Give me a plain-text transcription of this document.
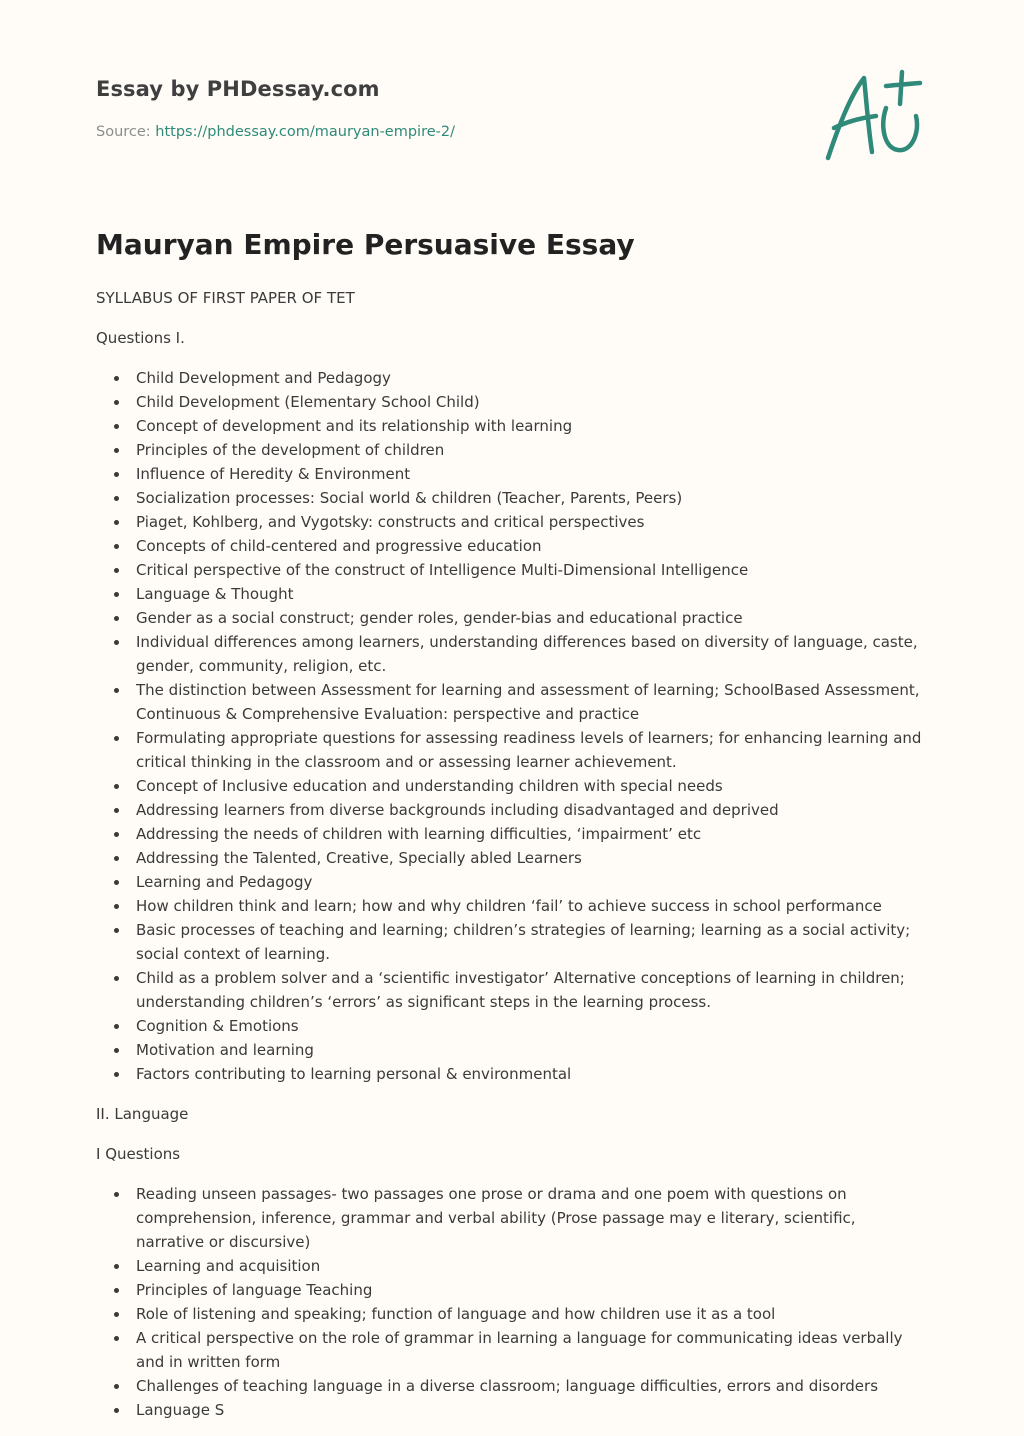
Essay by PHDessay.com
Source: https://phdessay.com/mauryan-empire-2/
Mauryan Empire Persuasive Essay

SYLLABUS OF FIRST PAPER OF TET

Questions I.

Child Development and Pedagogy
Child Development (Elementary School Child)
Concept of development and its relationship with learning
Principles of the development of children
Influence of Heredity & Environment
Socialization processes: Social world & children (Teacher, Parents, Peers)
Piaget, Kohlberg, and Vygotsky: constructs and critical perspectives
Concepts of child-centered and progressive education
Critical perspective of the construct of Intelligence Multi-Dimensional Intelligence
Language & Thought
Gender as a social construct; gender roles, gender-bias and educational practice
Individual differences among learners, understanding differences based on diversity of language, caste, gender, community, religion, etc.
The distinction between Assessment for learning and assessment of learning; SchoolBased Assessment, Continuous & Comprehensive Evaluation: perspective and practice
Formulating appropriate questions for assessing readiness levels of learners; for enhancing learning and critical thinking in the classroom and or assessing learner achievement.
Concept of Inclusive education and understanding children with special needs
Addressing learners from diverse backgrounds including disadvantaged and deprived
Addressing the needs of children with learning difficulties, ‘impairment’ etc
Addressing the Talented, Creative, Specially abled Learners
Learning and Pedagogy
How children think and learn; how and why children ‘fail’ to achieve success in school performance
Basic processes of teaching and learning; children’s strategies of learning; learning as a social activity; social context of learning.
Child as a problem solver and a ‘scientific investigator’ Alternative conceptions of learning in children; understanding children’s ‘errors’ as significant steps in the learning process.
Cognition & Emotions
Motivation and learning
Factors contributing to learning personal & environmental

II. Language

I Questions

Reading unseen passages- two passages one prose or drama and one poem with questions on comprehension, inference, grammar and verbal ability (Prose passage may e literary, scientific, narrative or discursive)
Learning and acquisition
Principles of language Teaching
Role of listening and speaking; function of language and how children use it as a tool
A critical perspective on the role of grammar in learning a language for communicating ideas verbally and in written form
Challenges of teaching language in a diverse classroom; language difficulties, errors and disorders
Language S
